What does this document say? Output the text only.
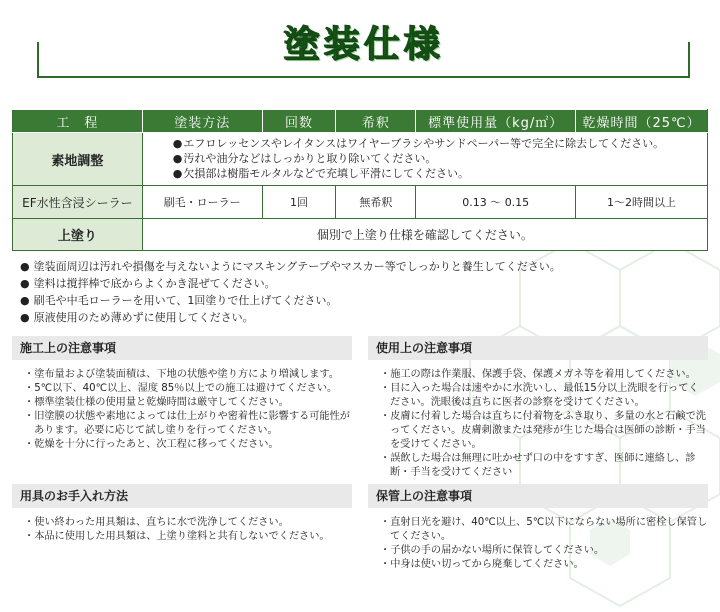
塗装仕様
工　程	塗装方法	回数	希釈	標準使用量（kg/㎡）	乾燥時間（25℃）
素地調整	● エフロレッセンスやレイタンスはワイヤーブラシやサンドペーパー等で完全に除去してください。
● 汚れや油分などはしっかりと取り除いてください。
● 欠損部は樹脂モルタルなどで充填し平滑にしてください。

EF水性含浸シーラー	刷毛・ローラー	1回	無希釈	0.13 ～ 0.15	1～2時間以上
上塗り	個別で上塗り仕様を確認してください。				
● 塗装面周辺は汚れや損傷を与えないようにマスキングテープやマスカー等でしっかりと養生してください。
● 塗料は撹拌棒で底からよくかき混ぜてください。
● 刷毛や中毛ローラーを用いて、1回塗りで仕上げてください。
● 原液使用のため薄めずに使用してください。
施工上の注意事項
・ 塗布量および塗装面積は、下地の状態や塗り方により増減します。
・ 5℃以下、40℃以上、湿度 85％以上での施工は避けてください。
・ 標準塗装仕様の使用量と乾燥時間は厳守してください。
・ 旧塗膜の状態や素地によっては仕上がりや密着性に影響する可能性があります。必要に応じて試し塗りを行ってください。
・ 乾燥を十分に行ったあと、次工程に移ってください。
使用上の注意事項
・ 施工の際は作業服、保護手袋、保護メガネ等を着用してください。
・ 目に入った場合は速やかに水洗いし、最低15分以上洗眼を行ってください。洗眼後は直ちに医者の診察を受けてください。
・ 皮膚に付着した場合は直ちに付着物をふき取り、多量の水と石鹸で洗ってください。皮膚刺激または発疹が生じた場合は医師の診断・手当を受けてください。
・ 誤飲した場合は無理に吐かせず口の中をすすぎ、医師に連絡し、診断・手当を受けてください
用具のお手入れ方法
・ 使い終わった用具類は、直ちに水で洗浄してください。
・ 本品に使用した用具類は、上塗り塗料と共有しないでください。
保管上の注意事項
・ 直射日光を避け、40℃以上、5℃以下にならない場所に密栓し保管してください。
・ 子供の手の届かない場所に保管してください。
・ 中身は使い切ってから廃棄してください。
